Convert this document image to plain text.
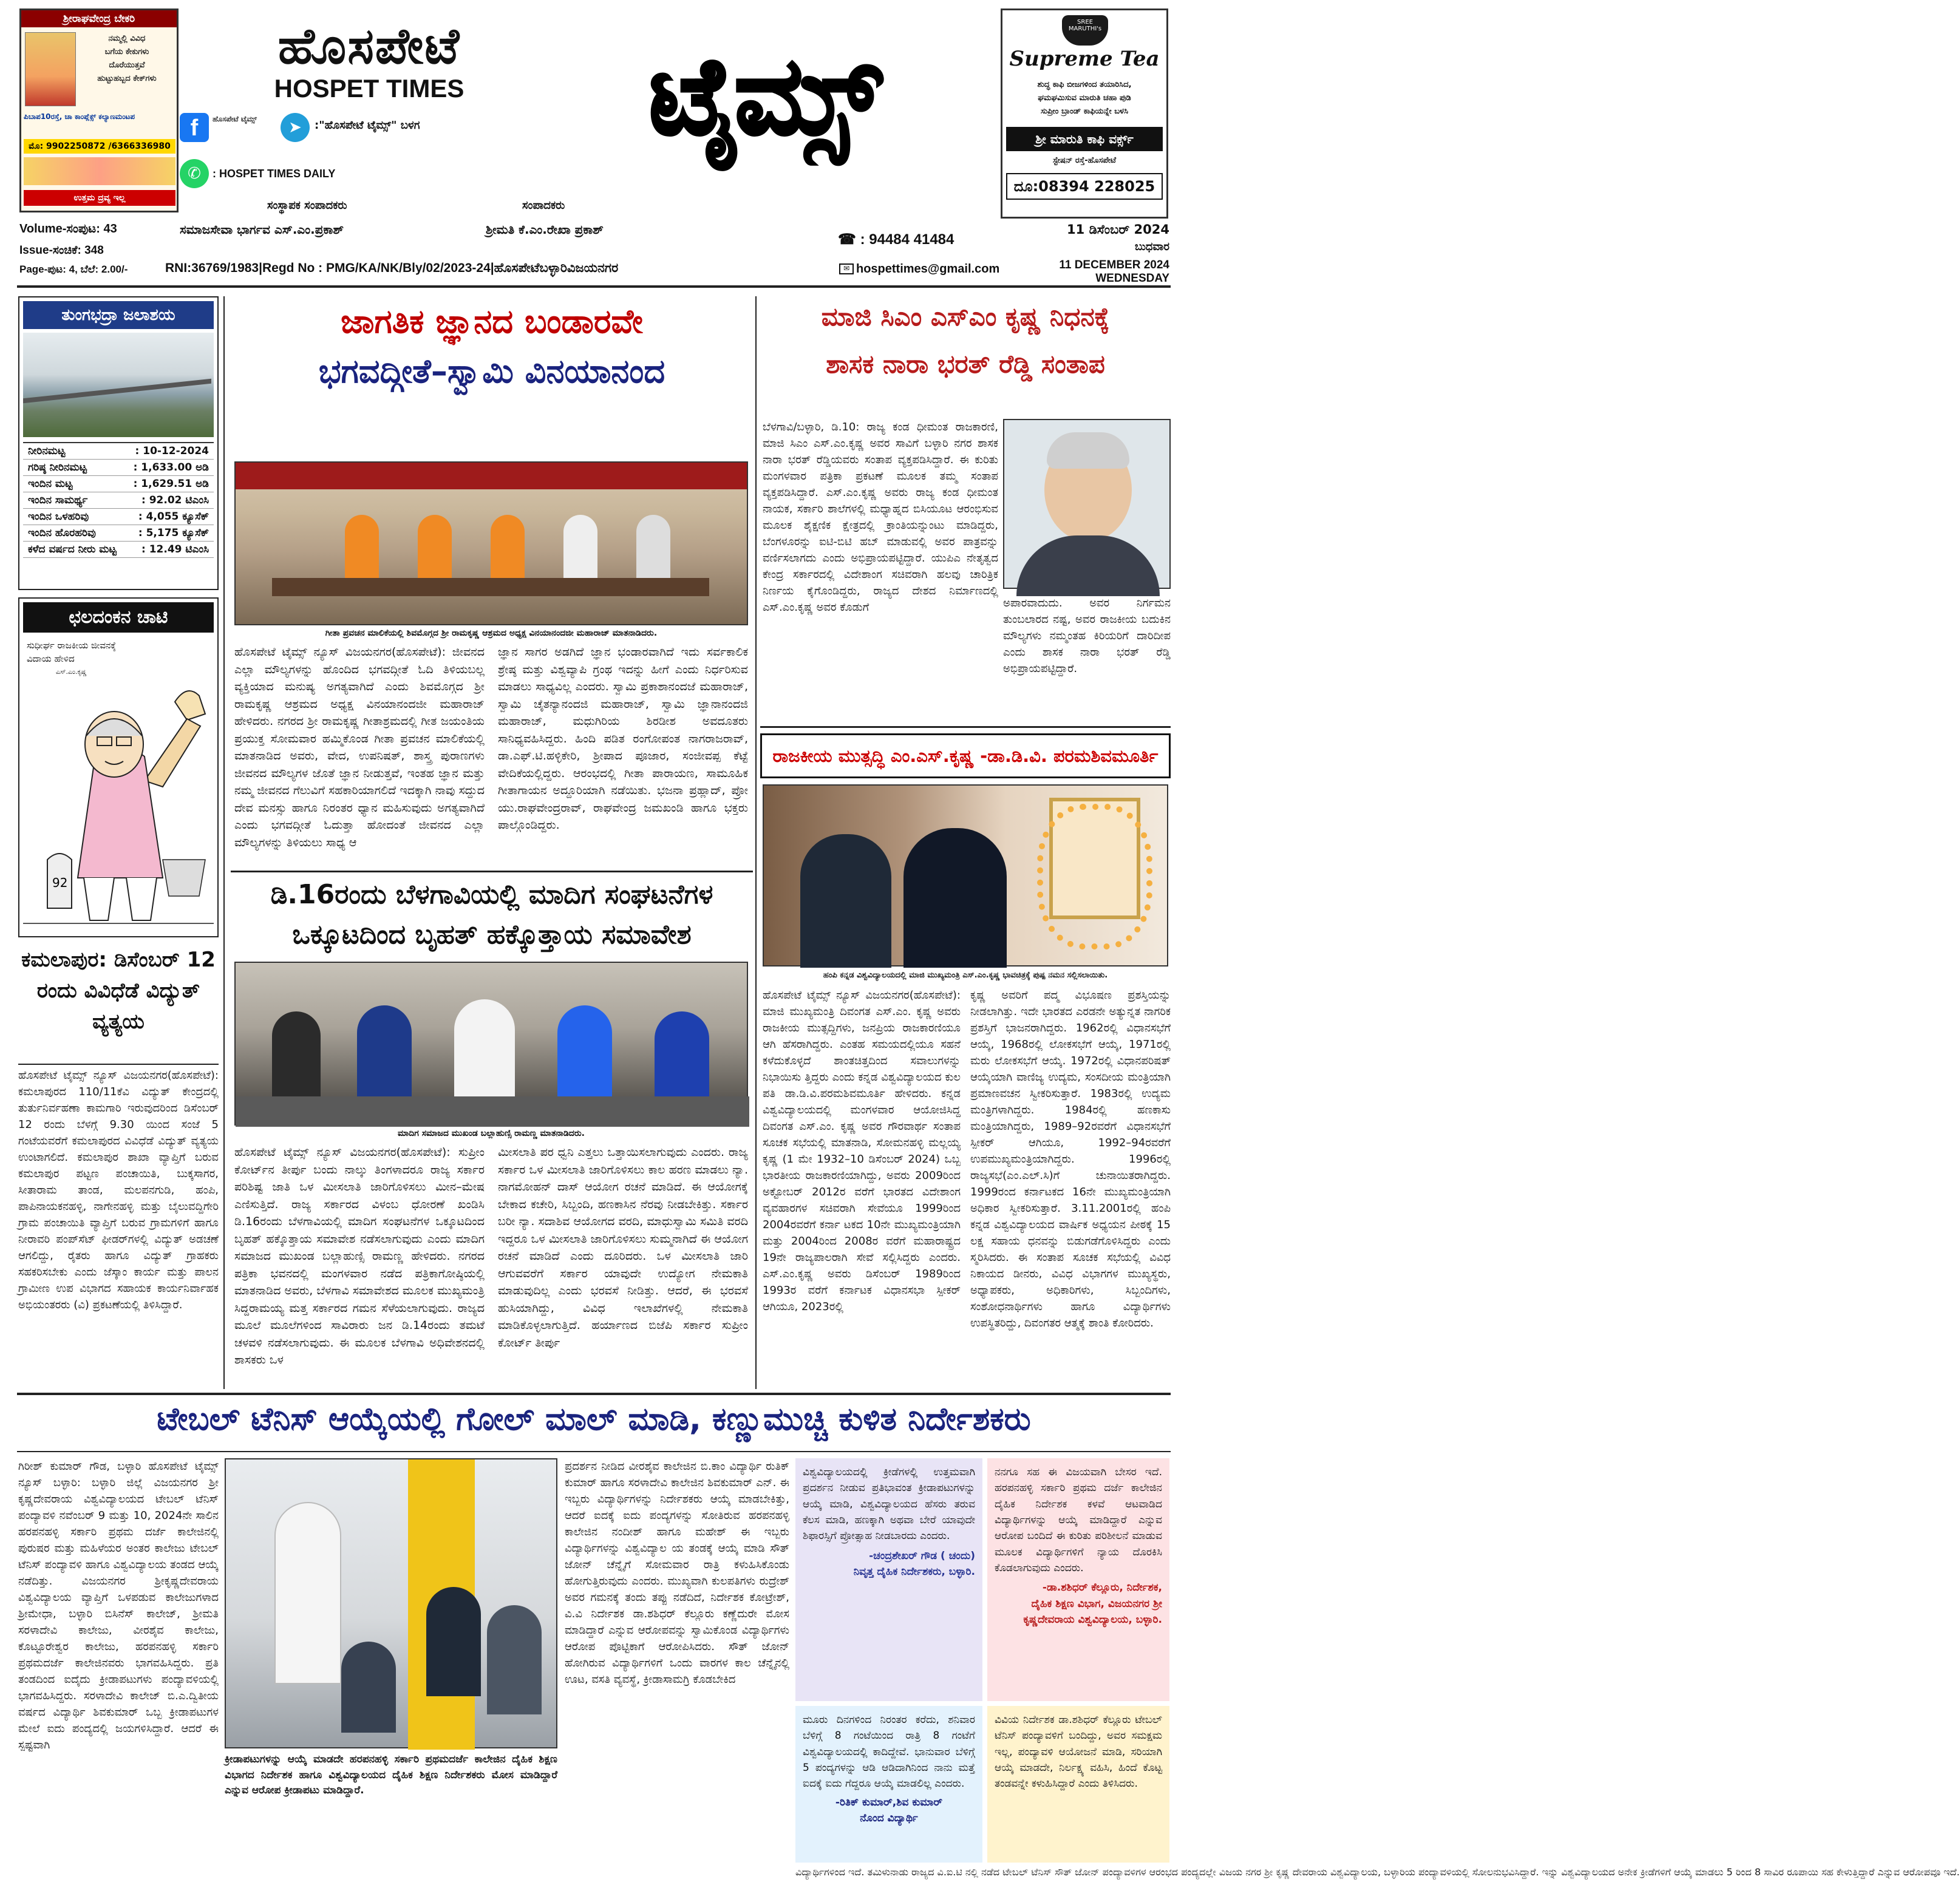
ಶ್ರೀರಾಘವೇಂದ್ರ ಬೇಕರಿ
ನಮ್ಮಲ್ಲಿ ವಿವಿಧ
ಬಗೆಯ ಕೇಕುಗಳು
ದೊರೆಯುತ್ತವೆ
ಹುಟ್ಟುಹಬ್ಬದ ಕೇಕ್‌ಗಳು
ಪಿಬಾಪ10ರಸ್ತೆ, ಚಾ ಕಾಂಪ್ಲೆಕ್ಸ್ ಕಲ್ಯಾಣಮಂಟಪ
ಮೊ: 9902250872 /6366336980
ಉತ್ತಮ ದ್ರವ್ಯ ಇಲ್ಲ
ಹೊಸಪೇಟೆ
HOSPET TIMES
f	ಹೊಸಪೇಟೆ ಟೈಮ್ಸ್	➤	:"ಹೊಸಪೇಟೆ ಟೈಮ್ಸ್" ಬಳಗ
✆	: HOSPET TIMES DAILY
ಟೈಮ್ಸ್
SREE MARUTHI's
Supreme Tea
ಶುದ್ಧ ಕಾಫಿ ಬೀಜಗಳಿಂದ ತಯಾರಿಸಿದ,
ಘಮಘಮಿಸುವ ಮಾರುತಿ ಚಹಾ ಪುಡಿ
ಸುಪ್ರೀಂ ಬ್ರಾಂಡ್ ಕಾಫಿಯನ್ನೇ ಬಳಸಿ
ಶ್ರೀ ಮಾರುತಿ ಕಾಫಿ ವರ್ಕ್ಸ್
ಸ್ಟೇಷನ್ ರಸ್ತೆ-ಹೊಸಪೇಟೆ
ದೂ:08394 228025
ಸಂಸ್ಥಾಪಕ ಸಂಪಾದಕರು	ಸಂಪಾದಕರು
Volume-ಸಂಪುಟ: 43	ಸಮಾಜಸೇವಾ ಭಾರ್ಗವ ಎಸ್.ಎಂ.ಪ್ರಕಾಶ್	ಶ್ರೀಮತಿ ಕೆ.ಎಂ.ರೇಖಾ ಪ್ರಕಾಶ್
☎ : 94484 41484
11 ಡಿಸೆಂಬರ್ 2024
ಬುಧವಾರ
Issue-ಸಂಚಿಕೆ: 348
Page-ಪುಟ: 4, ಬೆಲೆ: 2.00/-	RNI:36769/1983|Regd No : PMG/KA/NK/Bly/02/2023-24|ಹೊಸಪೇಟೆಬಳ್ಳಾರಿವಿಜಯನಗರ	✉ hospettimes@gmail.com	11 DECEMBER 2024
WEDNESDAY
ತುಂಗಭದ್ರಾ ಜಲಾಶಯ
ನೀರಿನಮಟ್ಟ	: 10-12-2024
ಗರಿಷ್ಠ ನೀರಿನಮಟ್ಟ	: 1,633.00 ಅಡಿ
ಇಂದಿನ ಮಟ್ಟ	: 1,629.51 ಅಡಿ
ಇಂದಿನ ಸಾಮರ್ಥ್ಯ	: 92.02 ಟಿಎಂಸಿ
ಇಂದಿನ ಒಳಹರಿವು	: 4,055 ಕ್ಯೂಸೆಕ್
ಇಂದಿನ ಹೊರಹರಿವು	: 5,175 ಕ್ಯೂಸೆಕ್
ಕಳೆದ ವರ್ಷದ ನೀರು ಮಟ್ಟ : 12.49 ಟಿಎಂಸಿ
ಛಲದಂಕನ ಚಾಟಿ
ಸುಧೀರ್ಘ ರಾಜಕೀಯ ಜೀವನಕ್ಕೆ ವಿದಾಯ ಹೇಳಿದ
ಎಸ್.ಎಂ.ಕೃಷ್ಣ
92
ಕಮಲಾಪುರ: ಡಿಸೆಂಬರ್ 12 ರಂದು ವಿವಿಧೆಡೆ ವಿದ್ಯುತ್ ವ್ಯತ್ಯಯ
ಹೊಸಪೇಟೆ ಟೈಮ್ಸ್ ನ್ಯೂಸ್ ವಿಜಯನಗರ(ಹೊಸಪೇಟೆ): ಕಮಲಾಪುರದ 110/11ಕೆವಿ ವಿದ್ಯುತ್ ಕೇಂದ್ರದಲ್ಲಿ ತುರ್ತುನಿರ್ವಹಣಾ ಕಾಮಗಾರಿ ಇರುವುದರಿಂದ ಡಿಸೆಂಬರ್ 12 ರಂದು ಬೆಳಗ್ಗೆ 9.30 ಯಿಂದ ಸಂಜೆ 5 ಗಂಟೆಯವರೆಗೆ ಕಮಲಾಪುರದ ವಿವಿಧೆಡೆ ವಿದ್ಯುತ್ ವ್ಯತ್ಯಯ ಉಂಟಾಗಲಿದೆ. ಕಮಲಾಪುರ ಶಾಖಾ ವ್ಯಾಪ್ತಿಗೆ ಬರುವ ಕಮಲಾಪುರ ಪಟ್ಟಣ ಪಂಚಾಯಿತಿ, ಬುಕ್ಕಸಾಗರ, ಸೀತಾರಾಮ ತಾಂಡ, ಮಲಪನಗುಡಿ, ಹಂಪಿ, ಪಾಪಿನಾಯಕನಹಳ್ಳಿ, ನಾಗೇನಹಳ್ಳಿ ಮತ್ತು ಬೈಲುವದ್ದಿಗೇರಿ ಗ್ರಾಮ ಪಂಚಾಯಿತಿ ವ್ಯಾಪ್ತಿಗೆ ಬರುವ ಗ್ರಾಮಗಳಿಗೆ ಹಾಗೂ ನೀರಾವರಿ ಪಂಪ್‌ಸೆಟ್ ಫೀಡರ್‌ಗಳಲ್ಲಿ ವಿದ್ಯುತ್ ಅಡಚಣೆ ಆಗಲಿದ್ದು, ರೈತರು ಹಾಗೂ ವಿದ್ಯುತ್ ಗ್ರಾಹಕರು ಸಹಕರಿಸಬೇಕು ಎಂದು ಜೆಸ್ಕಾಂ ಕಾರ್ಯ ಮತ್ತು ಪಾಲನ ಗ್ರಾಮೀಣ ಉಪ ವಿಭಾಗದ ಸಹಾಯಕ ಕಾರ್ಯನಿರ್ವಾಹಕ ಅಭಿಯಂತರರು (ವಿ) ಪ್ರಕಟಣೆಯಲ್ಲಿ ತಿಳಿಸಿದ್ದಾರೆ.
ಜಾಗತಿಕ ಜ್ಞಾನದ ಬಂಡಾರವೇ
ಭಗವದ್ಗೀತೆ–ಸ್ವಾಮಿ ವಿನಯಾನಂದ
ಗೀತಾ ಪ್ರವಚನ ಮಾಲಿಕೆಯಲ್ಲಿ ಶಿವಮೊಗ್ಗದ ಶ್ರೀ ರಾಮಕೃಷ್ಣ ಆಶ್ರಮದ ಅಧ್ಯಕ್ಷ ವಿನಯಾನಂದಜೀ ಮಹಾರಾಜ್ ಮಾತನಾಡಿದರು.
ಹೊಸಪೇಟೆ ಟೈಮ್ಸ್ ನ್ಯೂಸ್ ವಿಜಯನಗರ(ಹೊಸಪೇಟೆ): ಜೀವನದ ಎಲ್ಲಾ ಮೌಲ್ಯಗಳನ್ನು ಹೊಂದಿದ ಭಗವದ್ಗೀತೆ ಓದಿ ತಿಳಿಯಬಲ್ಲ ವ್ಯಕ್ತಿಯಾದ ಮನುಷ್ಯ ಅಗತ್ಯವಾಗಿದೆ ಎಂದು ಶಿವಮೊಗ್ಗದ ಶ್ರೀ ರಾಮಕೃಷ್ಣ ಆಶ್ರಮದ ಅಧ್ಯಕ್ಷ ವಿನಯಾನಂದಜೀ ಮಹಾರಾಜ್ ಹೇಳಿದರು. ನಗರದ ಶ್ರೀ ರಾಮಕೃಷ್ಣ ಗೀತಾಶ್ರಮದಲ್ಲಿ ಗೀತ ಜಯಂತಿಯ ಪ್ರಯುಕ್ತ ಸೋಮವಾರ ಹಮ್ಮಿಕೊಂಡ ಗೀತಾ ಪ್ರವಚನ ಮಾಲಿಕೆಯಲ್ಲಿ ಮಾತನಾಡಿದ ಅವರು, ವೇದ, ಉಪನಿಷತ್, ಶಾಸ್ತ್ರ ಪುರಾಣಗಳು ಜೀವನದ ಮೌಲ್ಯಗಳ ಜೊತೆ ಜ್ಞಾನ ನೀಡುತ್ತವೆ, ಇಂತಹ ಜ್ಞಾನ ಮತ್ತು ನಮ್ಮ ಜೀವನದ ಗೆಲುವಿಗೆ ಸಹಕಾರಿಯಾಗಲಿದೆ ಇದಕ್ಕಾಗಿ ನಾವು ಸದ್ದುದ ದೇವ ಮನಸ್ಸು ಹಾಗೂ ನಿರಂತರ ಧ್ಯಾನ ಮಹಿಸುವುದು ಅಗತ್ಯವಾಗಿದೆ ಎಂದು ಭಗವದ್ಗೀತೆ ಓದುತ್ತಾ ಹೋದಂತೆ ಜೀವನದ ಎಲ್ಲಾ ಮೌಲ್ಯಗಳನ್ನು ತಿಳಿಯಲು ಸಾಧ್ಯ ಆ
ಜ್ಞಾನ ಸಾಗರ ಅಡಗಿದೆ ಜ್ಞಾನ ಭಂಡಾರವಾಗಿದೆ ಇದು ಸರ್ವಕಾಲಿಕ ಶ್ರೇಷ್ಠ ಮತ್ತು ವಿಶ್ವವ್ಯಾಪಿ ಗ್ರಂಥ ಇದನ್ನು ಹೀಗೆ ಎಂದು ನಿರ್ಧರಿಸುವ ಮಾಡಲು ಸಾಧ್ಯವಿಲ್ಲ ಎಂದರು. ಸ್ವಾಮಿ ಪ್ರಕಾಶಾನಂದಜೆ ಮಹಾರಾಜ್, ಸ್ವಾಮಿ ಚೈತನ್ಯಾನಂದಜಿ ಮಹಾರಾಜ್, ಸ್ವಾಮಿ ಜ್ಞಾನಾನಂದಜಿ ಮಹಾರಾಜ್, ಮಧುಗಿರಿಯ ಶಿರಡೀಶ ಅವದೂತರು ಸಾನಿಧ್ಯವಹಿಸಿದ್ದರು. ಹಿಂದಿ ಪಡಿತ ರಂಗೋಪಂತ ನಾಗರಾಜರಾವ್, ಡಾ.ಎಫ್.ಟಿ.ಹಳ್ಳಿಕೇರಿ, ಶ್ರೀಪಾದ ಪೂಜಾರ, ಸಂಜೀವಪ್ಪ ಕೆಟ್ಟೆ ವೇದಿಕೆಯಲ್ಲಿದ್ದರು. ಆರಂಭದಲ್ಲಿ ಗೀತಾ ಪಾರಾಯಣ, ಸಾಮೂಹಿಕ ಗೀತಾಗಾಯನ ಅದ್ದೂರಿಯಾಗಿ ನಡೆಯಿತು. ಭಜನಾ ಪ್ರಹ್ಲಾದ್, ಪ್ರೋ ಯು.ರಾಘವೇಂದ್ರರಾವ್, ರಾಘವೇಂದ್ರ ಜಮಖಂಡಿ ಹಾಗೂ ಭಕ್ತರು ಪಾಲ್ಗೊಂಡಿದ್ದರು.
ಡಿ.16ರಂದು ಬೆಳಗಾವಿಯಲ್ಲಿ ಮಾದಿಗ ಸಂಘಟನೆಗಳ
ಒಕ್ಕೂಟದಿಂದ ಬೃಹತ್ ಹಕ್ಕೊತ್ತಾಯ ಸಮಾವೇಶ
ಮಾದಿಗ ಸಮಾಜದ ಮುಖಂಡ ಬಲ್ಲಾಹುಣ್ಸಿ ರಾಮಣ್ಣ ಮಾತನಾಡಿದರು.
ಹೊಸಪೇಟೆ ಟೈಮ್ಸ್ ನ್ಯೂಸ್ ವಿಜಯನಗರ(ಹೊಸಪೇಟೆ): ಸುಪ್ರೀಂ ಕೋರ್ಟ್‌ನ ತೀರ್ಪು ಬಂದು ನಾಲ್ಕು ತಿಂಗಳಾದರೂ ರಾಜ್ಯ ಸರ್ಕಾರ ಪರಿಶಿಷ್ಟ ಜಾತಿ ಒಳ ಮೀಸಲಾತಿ ಜಾರಿಗೊಳಿಸಲು ಮೀನ–ಮೇಷ ಎಣಿಸುತ್ತಿದೆ. ರಾಜ್ಯ ಸರ್ಕಾರದ ವಿಳಂಬ ಧೋರಣೆ ಖಂಡಿಸಿ ಡಿ.16ರಂದು ಬೆಳಗಾವಿಯಲ್ಲಿ ಮಾದಿಗ ಸಂಘಟನೆಗಳ ಒಕ್ಕೂಟದಿಂದ ಬೃಹತ್ ಹಕ್ಕೊತ್ತಾಯ ಸಮಾವೇಶ ನಡೆಸಲಾಗುವುದು ಎಂದು ಮಾದಿಗ ಸಮಾಜದ ಮುಖಂಡ ಬಲ್ಲಾಹುಣ್ಸಿ ರಾಮಣ್ಣ ಹೇಳಿದರು. ನಗರದ ಪತ್ರಿಕಾ ಭವನದಲ್ಲಿ ಮಂಗಳವಾರ ನಡೆದ ಪತ್ರಿಕಾಗೋಷ್ಠಿಯಲ್ಲಿ ಮಾತನಾಡಿದ ಅವರು, ಬೆಳಗಾವಿ ಸಮಾವೇಶದ ಮೂಲಕ ಮುಖ್ಯಮಂತ್ರಿ ಸಿದ್ದರಾಮಯ್ಯ ಮತ್ತ ಸರ್ಕಾರದ ಗಮನ ಸೆಳೆಯಲಾಗುವುದು. ರಾಜ್ಯದ ಮೂಲೆ ಮೂಲೆಗಳಿಂದ ಸಾವಿರಾರು ಜನ ಡಿ.14ರಂದು ತಮಟೆ ಚಳವಳಿ ನಡೆಸಲಾಗುವುದು. ಈ ಮೂಲಕ ಬೆಳಗಾವಿ ಅಧಿವೇಶನದಲ್ಲಿ ಶಾಸಕರು ಒಳ
ಮೀಸಲಾತಿ ಪರ ಧ್ವನಿ ಎತ್ತಲು ಒತ್ತಾಯಿಸಲಾಗುವುದು ಎಂದರು. ರಾಜ್ಯ ಸರ್ಕಾರ ಒಳ ಮೀಸಲಾತಿ ಜಾರಿಗೊಳಿಸಲು ಕಾಲ ಹರಣ ಮಾಡಲು ನ್ಯಾ. ನಾಗಮೋಹನ್ ದಾಸ್ ಆಯೋಗ ರಚನೆ ಮಾಡಿದೆ. ಈ ಆಯೋಗಕ್ಕೆ ಬೇಕಾದ ಕಚೇರಿ, ಸಿಬ್ಬಂದಿ, ಹಣಕಾಸಿನ ನೆರವು ನೀಡಬೇಕಿತ್ತು. ಸರ್ಕಾರ ಬರೀ ನ್ಯಾ. ಸದಾಶಿವ ಆಯೋಗದ ವರದಿ, ಮಾಧುಸ್ವಾಮಿ ಸಮಿತಿ ವರದಿ ಇದ್ದರೂ ಒಳ ಮೀಸಲಾತಿ ಜಾರಿಗೊಳಿಸಲು ಸುಮ್ಮನಾಗಿದೆ ಈ ಆಯೋಗ ರಚನೆ ಮಾಡಿದೆ ಎಂದು ದೂರಿದರು. ಒಳ ಮೀಸಲಾತಿ ಜಾರಿ ಆಗುವವರೆಗೆ ಸರ್ಕಾರ ಯಾವುದೇ ಉದ್ಯೋಗ ನೇಮಕಾತಿ ಮಾಡುವುದಿಲ್ಲ ಎಂದು ಭರವಸೆ ನೀಡಿತ್ತು. ಆದರೆ, ಈ ಭರವಸೆ ಹುಸಿಯಾಗಿದ್ದು, ವಿವಿಧ ಇಲಾಖೆಗಳಲ್ಲಿ ನೇಮಕಾತಿ ಮಾಡಿಕೊಳ್ಳಲಾಗುತ್ತಿದೆ. ಹರ್ಯಾಣದ ಬಿಜೆಪಿ ಸರ್ಕಾರ ಸುಪ್ರೀಂ ಕೋರ್ಟ್ ತೀರ್ಪು
ಮಾಜಿ ಸಿಎಂ ಎಸ್‌ಎಂ ಕೃಷ್ಣ ನಿಧನಕ್ಕೆ
ಶಾಸಕ ನಾರಾ ಭರತ್ ರೆಡ್ಡಿ ಸಂತಾಪ
ಬೆಳಗಾವಿ/ಬಳ್ಳಾರಿ, ಡಿ.10: ರಾಜ್ಯ ಕಂಡ ಧೀಮಂತ ರಾಜಕಾರಣಿ, ಮಾಜಿ ಸಿಎಂ ಎಸ್.ಎಂ.ಕೃಷ್ಣ ಅವರ ಸಾವಿಗೆ ಬಳ್ಳಾರಿ ನಗರ ಶಾಸಕ ನಾರಾ ಭರತ್ ರೆಡ್ಡಿಯವರು ಸಂತಾಪ ವ್ಯಕ್ತಪಡಿಸಿದ್ದಾರೆ. ಈ ಕುರಿತು ಮಂಗಳವಾರ ಪತ್ರಿಕಾ ಪ್ರಕಟಣೆ ಮೂಲಕ ತಮ್ಮ ಸಂತಾಪ ವ್ಯಕ್ತಪಡಿಸಿದ್ದಾರೆ. ಎಸ್.ಎಂ.ಕೃಷ್ಣ ಅವರು ರಾಜ್ಯ ಕಂಡ ಧೀಮಂತ ನಾಯಕ, ಸರ್ಕಾರಿ ಶಾಲೆಗಳಲ್ಲಿ ಮಧ್ಯಾಹ್ನದ ಬಿಸಿಯೂಟ ಆರಂಭಿಸುವ ಮೂಲಕ ಶೈಕ್ಷಣಿಕ ಕ್ಷೇತ್ರದಲ್ಲಿ ಕ್ರಾಂತಿಯನ್ನುಂಟು ಮಾಡಿದ್ದರು, ಬೆಂಗಳೂರನ್ನು ಐಟಿ-ಬಿಟಿ ಹಬ್ ಮಾಡುವಲ್ಲಿ ಅವರ ಪಾತ್ರವನ್ನು ವರ್ಣಿಸಲಾಗದು ಎಂದು ಅಭಿಪ್ರಾಯಪಟ್ಟಿದ್ದಾರೆ. ಯುಪಿಎ ನೇತೃತ್ವದ ಕೇಂದ್ರ ಸರ್ಕಾರದಲ್ಲಿ ವಿದೇಶಾಂಗ ಸಚಿವರಾಗಿ ಹಲವು ಚಾರಿತ್ರಿಕ ನಿರ್ಣಯ ಕೈಗೊಂಡಿದ್ದರು, ರಾಜ್ಯದ ದೇಶದ ನಿರ್ಮಾಣದಲ್ಲಿ ಎಸ್.ಎಂ.ಕೃಷ್ಣ ಅವರ ಕೊಡುಗೆ	ಅಪಾರವಾದುದು. ಅವರ ನಿರ್ಗಮನ ತುಂಬಲಾರದ ನಷ್ಟ, ಅವರ ರಾಜಕೀಯ ಬದುಕಿನ ಮೌಲ್ಯಗಳು ನಮ್ಮಂತಹ ಕಿರಿಯರಿಗೆ ದಾರಿದೀಪ ಎಂದು ಶಾಸಕ ನಾರಾ ಭರತ್ ರೆಡ್ಡಿ ಅಭಿಪ್ರಾಯಪಟ್ಟಿದ್ದಾರೆ.
ರಾಜಕೀಯ ಮುತ್ಸದ್ಧಿ ಎಂ.ಎಸ್.ಕೃಷ್ಣ -ಡಾ.ಡಿ.ವಿ. ಪರಮಶಿವಮೂರ್ತಿ
ಹಂಪಿ ಕನ್ನಡ ವಿಶ್ವವಿದ್ಯಾಲಯದಲ್ಲಿ ಮಾಜಿ ಮುಖ್ಯಮಂತ್ರಿ ಎಸ್.ಎಂ.ಕೃಷ್ಣ ಭಾವಚಿತ್ರಕ್ಕೆ ಪುಷ್ಪ ನಮನ ಸಲ್ಲಿಸಲಾಯಿತು.
ಹೊಸಪೇಟೆ ಟೈಮ್ಸ್ ನ್ಯೂಸ್ ವಿಜಯನಗರ(ಹೊಸಪೇಟೆ): ಮಾಜಿ ಮುಖ್ಯಮಂತ್ರಿ ದಿವಂಗತ ಎಸ್.ಎಂ. ಕೃಷ್ಣ ಅವರು ರಾಜಕೀಯ ಮುತ್ಸದ್ದಿಗಳು, ಜನಪ್ರಿಯ ರಾಜಕಾರಣಿಯೂ ಆಗಿ ಹೆಸರಾಗಿದ್ದರು. ಎಂತಹ ಸಮಯದಲ್ಲಿಯೂ ಸಹನೆ ಕಳೆದುಕೊಳ್ಳದೆ ಶಾಂತಚಿತ್ತದಿಂದ ಸವಾಲುಗಳನ್ನು ನಿಭಾಯಿಸು ತ್ತಿದ್ದರು ಎಂದು ಕನ್ನಡ ವಿಶ್ವವಿದ್ಯಾಲಯದ ಕುಲ ಪತಿ ಡಾ.ಡಿ.ವಿ.ಪರಮಶಿವಮೂರ್ತಿ ಹೇಳಿದರು. ಕನ್ನಡ ವಿಶ್ವವಿದ್ಯಾಲಯದಲ್ಲಿ ಮಂಗಳವಾರ ಆಯೋಜಿಸಿದ್ದ ದಿವಂಗತ ಎಸ್.ಎಂ. ಕೃಷ್ಣ ಅವರ ಗೌರವಾರ್ಥ ಸಂತಾಪ ಸೂಚಕ ಸಭೆಯಲ್ಲಿ ಮಾತನಾಡಿ, ಸೋಮನಹಳ್ಳಿ ಮಲ್ಲಯ್ಯ ಕೃಷ್ಣ (1 ಮೇ 1932–10 ಡಿಸೆಂಬರ್ 2024) ಒಬ್ಬ ಭಾರತೀಯ ರಾಜಕಾರಣಿಯಾಗಿದ್ದು, ಅವರು 2009ರಿಂದ ಅಕ್ಟೋಬರ್ 2012ರ ವರೆಗೆ ಭಾರತದ ವಿದೇಶಾಂಗ ವ್ಯವಹಾರಗಳ ಸಚಿವರಾಗಿ ಸೇವೆಯೂ 1999ರಿಂದ 2004ರವರೆಗೆ ಕರ್ನಾ ಟಕದ 10ನೇ ಮುಖ್ಯಮಂತ್ರಿಯಾಗಿ ಮತ್ತು 2004ರಿಂದ 2008ರ ವರೆಗೆ ಮಹಾರಾಷ್ಟ್ರದ 19ನೇ ರಾಜ್ಯಪಾಲರಾಗಿ ಸೇವೆ ಸಲ್ಲಿಸಿದ್ದರು ಎಂದರು. ಎಸ್.ಎಂ.ಕೃಷ್ಣ ಅವರು ಡಿಸೆಂಬರ್ 1989ರಿಂದ 1993ರ ವರೆಗೆ ಕರ್ನಾಟಕ ವಿಧಾನಸಭಾ ಸ್ಪೀಕರ್ ಆಗಿಯೂ, 2023ರಲ್ಲಿ
ಕೃಷ್ಣ ಅವರಿಗೆ ಪದ್ಮ ವಿಭೂಷಣ ಪ್ರಶಸ್ತಿಯನ್ನು ನೀಡಲಾಗಿತ್ತು. ಇದೇ ಭಾರತದ ಎರಡನೇ ಅತ್ಯುನ್ನತ ನಾಗರಿಕ ಪ್ರಶಸ್ತಿಗೆ ಭಾಜನರಾಗಿದ್ದರು. 1962ರಲ್ಲಿ ವಿಧಾನಸಭೆಗೆ ಆಯ್ಕೆ, 1968ರಲ್ಲಿ ಲೋಕಸಭೆಗೆ ಆಯ್ಕೆ, 1971ರಲ್ಲಿ ಮರು ಲೋಕಸಭೆಗೆ ಆಯ್ಕೆ. 1972ರಲ್ಲಿ ವಿಧಾನಪರಿಷತ್ ಆಯ್ಕೆಯಾಗಿ ವಾಣಿಜ್ಯ ಉದ್ಯಮ, ಸಂಸದೀಯ ಮಂತ್ರಿಯಾಗಿ ಪ್ರಮಾಣವಚನ ಸ್ವೀಕರಿಸುತ್ತಾರೆ. 1983ರಲ್ಲಿ ಉದ್ಯಮ ಮಂತ್ರಿಗಳಾಗಿದ್ದರು. 1984ರಲ್ಲಿ ಹಣಕಾಸು ಮಂತ್ರಿಯಾಗಿದ್ದರು, 1989–92ರವರೆಗೆ ವಿಧಾನಸಭೆಗೆ ಸ್ಪೀಕರ್ ಆಗಿಯೂ, 1992–94ರವರೆಗೆ ಉಪಮುಖ್ಯಮಂತ್ರಿಯಾಗಿದ್ದರು. 1996ರಲ್ಲಿ ರಾಜ್ಯಸಭೆ(ಎಂ.ಎಲ್.ಸಿ)ಗೆ ಚುನಾಯಿತರಾಗಿದ್ದರು. 1999ರಂದ ಕರ್ನಾಟಕದ 16ನೇ ಮುಖ್ಯಮಂತ್ರಿಯಾಗಿ ಅಧಿಕಾರ ಸ್ವೀಕರಿಸುತ್ತಾರೆ. 3.11.2001ರಲ್ಲಿ ಹಂಪಿ ಕನ್ನಡ ವಿಶ್ವವಿದ್ಯಾಲಯದ ವಾರ್ಷಿಕ ಅಧ್ಯಯನ ಪೀಠಕ್ಕೆ 15 ಲಕ್ಷ ಸಹಾಯ ಧನವನ್ನು ಬಿಡುಗಡೆಗೊಳಿಸಿದ್ದರು ಎಂದು ಸ್ಮರಿಸಿದರು. ಈ ಸಂತಾಪ ಸೂಚಕ ಸಭೆಯಲ್ಲಿ ವಿವಿಧ ನಿಕಾಯದ ಡೀನರು, ವಿವಿಧ ವಿಭಾಗಗಳ ಮುಖ್ಯಸ್ಥರು, ಅಧ್ಯಾಪಕರು, ಅಧಿಕಾರಿಗಳು, ಸಿಬ್ಬಂದಿಗಳು, ಸಂಶೋಧನಾರ್ಥಿಗಳು ಹಾಗೂ ವಿದ್ಯಾರ್ಥಿಗಳು ಉಪಸ್ಥಿತರಿದ್ದು, ದಿವಂಗತರ ಆತ್ಮಕ್ಕೆ ಶಾಂತಿ ಕೋರಿದರು.
ಟೇಬಲ್ ಟೆನಿಸ್ ಆಯ್ಕೆಯಲ್ಲಿ ಗೋಲ್ ಮಾಲ್ ಮಾಡಿ, ಕಣ್ಣುಮುಚ್ಚಿ ಕುಳಿತ ನಿರ್ದೇಶಕರು
ಗಿರೀಶ್ ಕುಮಾರ್ ಗೌಡ, ಬಳ್ಳಾರಿ ಹೊಸಪೇಟೆ ಟೈಮ್ಸ್ ನ್ಯೂಸ್ ಬಳ್ಳಾರಿ: ಬಳ್ಳಾರಿ ಜಿಲ್ಲೆ ವಿಜಯನಗರ ಶ್ರೀ ಕೃಷ್ಣದೇವರಾಯ ವಿಶ್ವವಿದ್ಯಾಲಯದ ಟೇಬಲ್ ಟೆನಿಸ್ ಪಂದ್ಯಾವಳಿ ನವೆಂಬರ್ 9 ಮತ್ತು 10, 2024ನೇ ಸಾಲಿನ ಹರಪನಹಳ್ಳಿ ಸರ್ಕಾರಿ ಪ್ರಥಮ ದರ್ಜೆ ಕಾಲೇಜಿನಲ್ಲಿ ಪುರುಷರ ಮತ್ತು ಮಹಿಳೆಯರ ಅಂತರ ಕಾಲೇಜು ಟೇಬಲ್ ಟೆನಿಸ್ ಪಂದ್ಯಾವಳಿ ಹಾಗೂ ವಿಶ್ವವಿದ್ಯಾಲಯ ತಂಡದ ಆಯ್ಕೆ ನಡೆದಿತ್ತು. ವಿಜಯನಗರ ಶ್ರೀಕೃಷ್ಣದೇವರಾಯ ವಿಶ್ವವಿದ್ಯಾಲಯ ವ್ಯಾಪ್ತಿಗೆ ಒಳಪಡುವ ಕಾಲೇಜುಗಳಾದ ಶ್ರೀಮೇಧಾ, ಬಳ್ಳಾರಿ ಬಿಸಿನೆಸ್ ಕಾಲೇಜ್, ಶ್ರೀಮತಿ ಸರಳಾದೇವಿ ಕಾಲೇಜು, ವೀರಶೈವ ಕಾಲೇಜು, ಕೊಟ್ಟೂರೇಶ್ವರ ಕಾಲೇಜು, ಹರಪನಹಳ್ಳಿ ಸರ್ಕಾರಿ ಪ್ರಥಮದರ್ಜೆ ಕಾಲೇಜಿನವರು ಭಾಗವಹಿಸಿದ್ದರು. ಪ್ರತಿ ತಂಡದಿಂದ ಐದೈದು ಕ್ರೀಡಾಪಟುಗಳು ಪಂದ್ಯಾವಳಿಯಲ್ಲಿ ಭಾಗವಹಿಸಿದ್ದರು. ಸರಳಾದೇವಿ ಕಾಲೇಜ್ ಬಿ.ಎ.ದ್ವಿತೀಯ ವರ್ಷದ ವಿದ್ಯಾರ್ಥಿ ಶಿವಕುಮಾರ್ ಒಬ್ಬ ಕ್ರೀಡಾಪಟುಗಳ ಮೇಲೆ ಐದು ಪಂದ್ಯದಲ್ಲಿ ಜಯಗಳಿಸಿದ್ದಾರೆ. ಆದರೆ ಈ ಸ್ಪಷ್ಟವಾಗಿ
ಕ್ರೀಡಾಪಟುಗಳನ್ನು ಆಯ್ಕೆ ಮಾಡದೇ ಹರಪನಹಳ್ಳಿ ಸರ್ಕಾರಿ ಪ್ರಥಮದರ್ಜೆ ಕಾಲೇಜಿನ ದೈಹಿಕ ಶಿಕ್ಷಣ ವಿಭಾಗದ ನಿರ್ದೇಶಕ ಹಾಗೂ ವಿಶ್ವವಿದ್ಯಾಲಯದ ದೈಹಿಕ ಶಿಕ್ಷಣ ನಿರ್ದೇಶಕರು ಮೋಸ ಮಾಡಿದ್ದಾರೆ ಎನ್ನುವ ಆರೋಪ ಕ್ರೀಡಾಪಟು ಮಾಡಿದ್ದಾರೆ.
ಪ್ರದರ್ಶನ ನೀಡಿದ ವೀರಶೈವ ಕಾಲೇಜಿನ ಬಿ.ಕಾಂ ವಿದ್ಯಾರ್ಥಿ ರುತಿಕ್ ಕುಮಾರ್ ಹಾಗೂ ಸರಳಾದೇವಿ ಕಾಲೇಜಿನ ಶಿವಕುಮಾರ್ ಎನ್. ಈ ಇಬ್ಬರು ವಿದ್ಯಾರ್ಥಿಗಳನ್ನು ನಿರ್ದೇಶಕರು ಆಯ್ಕೆ ಮಾಡಬೇಕಿತ್ತು, ಆದರೆ ಐದಕ್ಕೆ ಐದು ಪಂದ್ಯಗಳನ್ನು ಸೋತಿರುವ ಹರಪನಹಳ್ಳಿ ಕಾಲೇಜಿನ ನಂದೀಶ್ ಹಾಗೂ ಮಹೇಶ್ ಈ ಇಬ್ಬರು ವಿದ್ಯಾರ್ಥಿಗಳನ್ನು ವಿಶ್ವವಿದ್ಯಾಲ ಯ ತಂಡಕ್ಕೆ ಆಯ್ಕೆ ಮಾಡಿ ಸೌತ್ ಜೋನ್ ಚೆನ್ನೈಗೆ ಸೋಮವಾರ ರಾತ್ರಿ ಕಳುಹಿಸಿಕೊಂಡು ಹೋಗುತ್ತಿರುವುದು ಎಂದರು. ಮುಖ್ಯವಾಗಿ ಕುಲಪತಿಗಳು ರುದ್ರೇಶ್ ಅವರ ಗಮನಕ್ಕೆ ತಂದು ತಪ್ಪು ನಡೆದಿದೆ, ನಿರ್ದೇಶಕ ಕೋಟ್ರೇಶ್, ವಿ.ವಿ ನಿರ್ದೇಶಕ ಡಾ.ಶಶಿಧರ್ ಕೆಲ್ಲೂರು ಕಣ್ಣೆದುರೇ ಮೋಸ ಮಾಡಿದ್ದಾರೆ ಎನ್ನುವ ಆರೋಪವನ್ನು ಸ್ವಾಮಿಕೊಂಡ ವಿದ್ಯಾರ್ಥಿಗಳು ಆರೋಪ ಪೊಟ್ಟಿಕಾಗೆ ಆರೋಪಿಸಿದರು. ಸೌತ್ ಜೋನ್ ಹೋಗಿರುವ ವಿದ್ಯಾರ್ಥಿಗಳಿಗೆ ಒಂದು ವಾರಗಳ ಕಾಲ ಚೆನ್ನೈನಲ್ಲಿ ಊಟ, ವಸತಿ ವ್ಯವಸ್ಥೆ, ಕ್ರೀಡಾಸಾಮಗ್ರಿ ಕೊಡಬೇಕಿದ
ವಿಶ್ವವಿದ್ಯಾಲಯದಲ್ಲಿ ಕ್ರೀಡೆಗಳಲ್ಲಿ ಉತ್ತಮವಾಗಿ ಪ್ರದರ್ಶನ ನೀಡುವ ಪ್ರತಿಭಾವಂತ ಕ್ರೀಡಾಪಟುಗಳನ್ನು ಆಯ್ಕೆ ಮಾಡಿ, ವಿಶ್ವವಿದ್ಯಾಲಯದ ಹೆಸರು ತರುವ ಕೆಲಸ ಮಾಡಿ, ಹಣಕ್ಕಾಗಿ ಅಥವಾ ಬೇರೆ ಯಾವುದೇ ಶಿಫಾರಸ್ಸಿಗೆ ಪ್ರೋತ್ಸಾಹ ನೀಡಬಾರದು ಎಂದರು.
-ಚಂದ್ರಶೇಖರ್ ಗೌಡ ( ಚಂದು)
ನಿವೃತ್ತ ದೈಹಿಕ ನಿರ್ದೇಶಕರು, ಬಳ್ಳಾರಿ.
ನನಗೂ ಸಹ ಈ ವಿಜಯವಾಗಿ ಬೇಸರ ಇದೆ. ಹರಪನಹಳ್ಳಿ ಸರ್ಕಾರಿ ಪ್ರಥಮ ದರ್ಜೆ ಕಾಲೇಜಿನ ದೈಹಿಕ ನಿರ್ದೇಶಕ ಕಳವೆ ಆಟವಾಡಿದ ವಿದ್ಯಾರ್ಥಿಗಳನ್ನು ಆಯ್ಕೆ ಮಾಡಿದ್ದಾರೆ ಎನ್ನುವ ಆರೋಪ ಬಂದಿದೆ ಈ ಕುರಿತು ಪರಿಶೀಲನೆ ಮಾಡುವ ಮೂಲಕ ವಿದ್ಯಾರ್ಥಿಗಳಿಗೆ ನ್ಯಾಯ ದೊರಕಿಸಿ ಕೊಡಲಾಗುವುದು ಎಂದರು.
-ಡಾ.ಶಶಿಧರ್ ಕೆಲ್ಲೂರು, ನಿರ್ದೇಶಕ,
ದೈಹಿಕ ಶಿಕ್ಷಣ ವಿಭಾಗ, ವಿಜಯನಗರ ಶ್ರೀ ಕೃಷ್ಣದೇವರಾಯ ವಿಶ್ವವಿದ್ಯಾಲಯ, ಬಳ್ಳಾರಿ.
ಮೂರು ದಿನಗಳಿಂದ ನಿರಂತರ ಕರೆದು, ಶನಿವಾರ ಬೆಳಿಗ್ಗೆ 8 ಗಂಟೆಯಿಂದ ರಾತ್ರಿ 8 ಗಂಟೆಗೆ ವಿಶ್ವವಿದ್ಯಾಲಯದಲ್ಲಿ ಕಾದಿದ್ದೇವೆ. ಭಾನುವಾರ ಬೆಳಿಗ್ಗೆ 5 ಪಂದ್ಯಗಳನ್ನು ಆಡಿ ಆಡಿದಾಗಿನಿಂದ ನಾನು ಮತ್ತೆ ಐದಕ್ಕೆ ಐದು ಗೆದ್ದರೂ ಆಯ್ಕೆ ಮಾಡಲಿಲ್ಲ ಎಂದರು.
-ರಿತಿಕ್ ಕುಮಾರ್,ಶಿವ ಕುಮಾರ್
ನೊಂದ ವಿದ್ಯಾರ್ಥಿ
ವಿವಿಯ ನಿರ್ದೇಶಕ ಡಾ.ಶಶಿಧರ್ ಕೆಲ್ಲೂರು ಟೇಬಲ್ ಟೆನಿಸ್ ಪಂದ್ಯಾವಳಿಗೆ ಬಂದಿದ್ದು, ಅವರ ಸಮಕ್ಷಮ ಇಲ್ಲ, ಪಂದ್ಯಾವಳಿ ಆಯೋಜನೆ ಮಾಡಿ, ಸರಿಯಾಗಿ ಆಯ್ಕೆ ಮಾಡದೇ, ನಿರ್ಲಕ್ಷ್ಯ ವಹಿಸಿ, ಹಿಂದೆ ಕೊಟ್ಟ ತಂಡವನ್ನೇ ಕಳುಹಿಸಿದ್ದಾರೆ ಎಂದು ತಿಳಿಸಿದರು.
ವಿದ್ಯಾರ್ಥಿಗಳಿಂದ ಇದೆ. ತಮಿಳುನಾಡು ರಾಜ್ಯದ ವಿ.ಐ.ಟಿ ನಲ್ಲಿ ನಡೆದ ಟೇಬಲ್ ಟೆನಿಸ್ ಸೌತ್ ಜೋನ್ ಪಂದ್ಯಾವಳಿಗಳ ಆರಂಭದ ಪಂದ್ಯದಲ್ಲೇ ವಿಜಯ ನಗರ ಶ್ರೀ ಕೃಷ್ಣ ದೇವರಾಯ ವಿಶ್ವವಿದ್ಯಾಲಯ, ಬಳ್ಳಾರಿಯ ಪಂದ್ಯಾವಳಿಯಲ್ಲಿ ಸೋಲನುಭವಿಸಿದ್ದಾರೆ. ಇನ್ನು ವಿಶ್ವವಿದ್ಯಾಲಯದ ಅನೇಕ ಕ್ರೀಡೆಗಳಿಗೆ ಆಯ್ಕೆ ಮಾಡಲು 5 ರಿಂದ 8 ಸಾವಿರ ರೂಪಾಯಿ ಸಹ ಕೇಳುತ್ತಿದ್ದಾರೆ ಎನ್ನುವ ಆರೋಪವೂ ಇದೆ.
